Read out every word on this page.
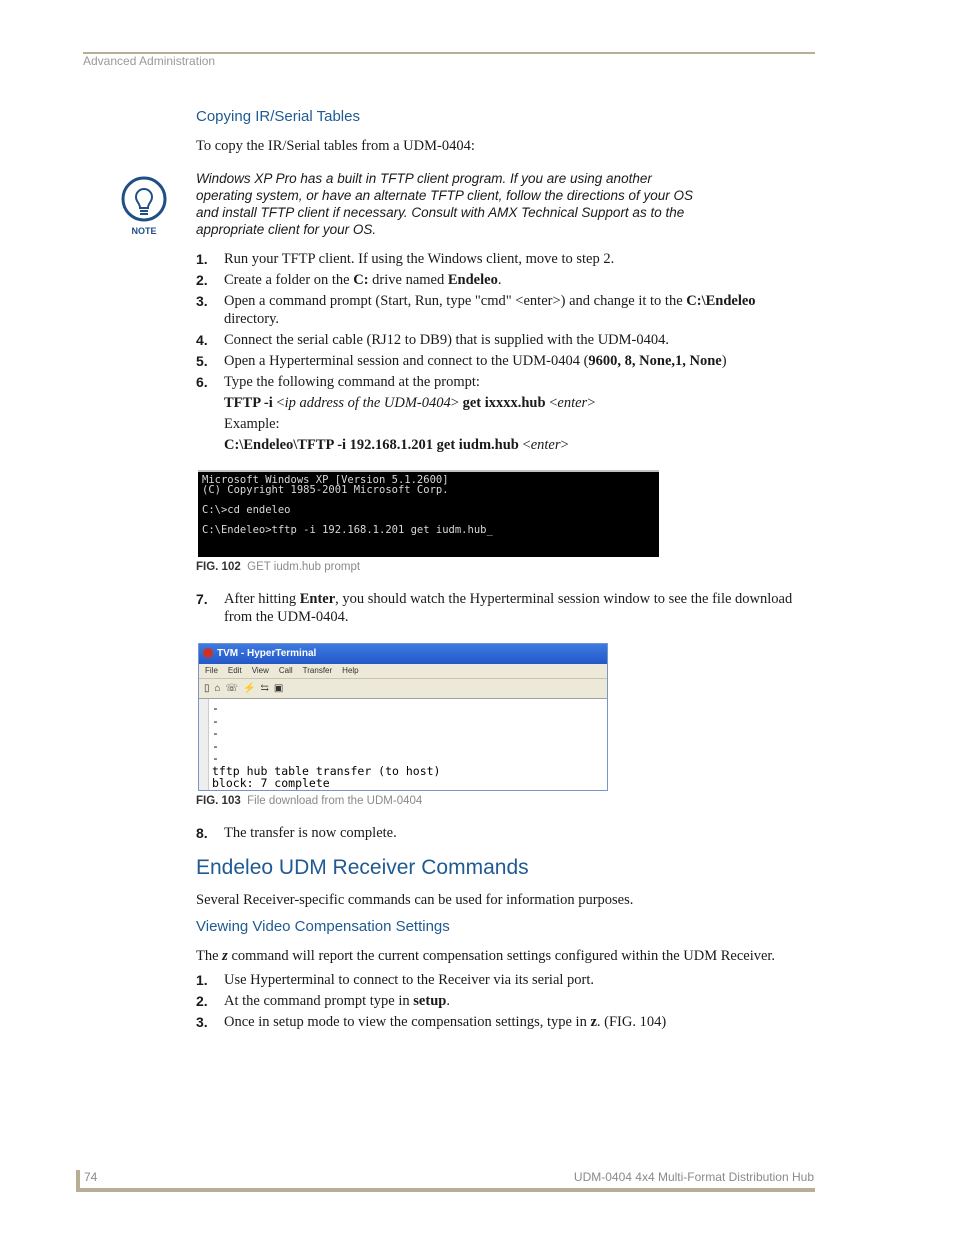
Advanced Administration
Copying IR/Serial Tables
To copy the IR/Serial tables from a UDM-0404:
NOTE
Windows XP Pro has a built in TFTP client program. If you are using another
operating system, or have an alternate TFTP client, follow the directions of your OS
and install TFTP client if necessary. Consult with AMX Technical Support as to the
appropriate client for your OS.
1. Run your TFTP client. If using the Windows client, move to step 2.
2. Create a folder on the C: drive named Endeleo.
3. Open a command prompt (Start, Run, type "cmd" <enter>) and change it to the C:\Endeleo
directory.
4. Connect the serial cable (RJ12 to DB9) that is supplied with the UDM-0404.
5. Open a Hyperterminal session and connect to the UDM-0404 (9600, 8, None,1, None)
6. Type the following command at the prompt:
TFTP -i <ip address of the UDM-0404> get ixxxx.hub <enter>
Example:
C:\Endeleo\TFTP -i 192.168.1.201 get iudm.hub <enter>
Microsoft Windows XP [Version 5.1.2600]
(C) Copyright 1985-2001 Microsoft Corp.

C:\>cd endeleo

C:\Endeleo>tftp -i 192.168.1.201 get iudm.hub_
FIG. 102 GET iudm.hub prompt
7. After hitting Enter, you should watch the Hyperterminal session window to see the file download
from the UDM-0404.
TVM - HyperTerminal
File Edit View Call Transfer Help
▯ ⌂ ☏ ⚡ ⇆ ▣
-
-
-
-
-
tftp hub table transfer (to host)
block: 7 complete
FIG. 103 File download from the UDM-0404
8. The transfer is now complete.
Endeleo UDM Receiver Commands
Several Receiver-specific commands can be used for information purposes.
Viewing Video Compensation Settings
The z command will report the current compensation settings configured within the UDM Receiver.
1. Use Hyperterminal to connect to the Receiver via its serial port.
2. At the command prompt type in setup.
3. Once in setup mode to view the compensation settings, type in z. (FIG. 104)
74	UDM-0404 4x4 Multi-Format Distribution Hub
